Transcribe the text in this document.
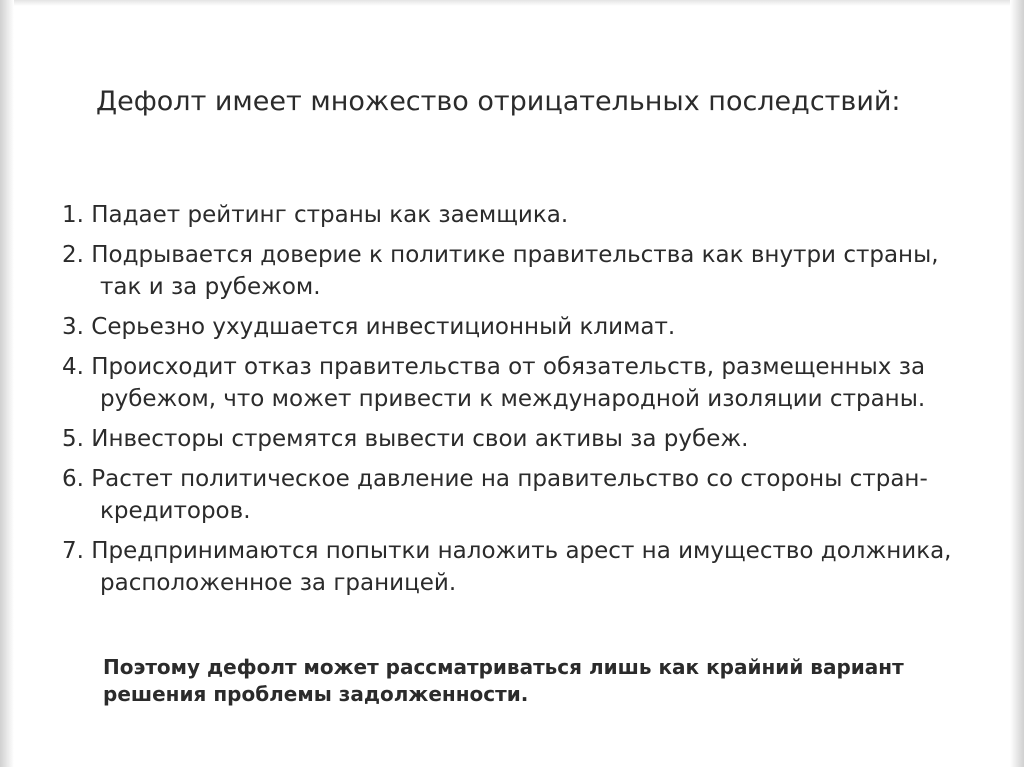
Дефолт имеет множество отрицательных последствий:
1. Падает рейтинг страны как заемщика.
2. Подрывается доверие к политике правительства как внутри страны, так и за рубежом.
3. Серьезно ухудшается инвестиционный климат.
4. Происходит отказ правительства от обязательств, размещенных за рубежом, что может привести к международной изоляции страны.
5. Инвесторы стремятся вывести свои активы за рубеж.
6. Растет политическое давление на правительство со стороны стран-кредиторов.
7. Предпринимаются попытки наложить арест на имущество должника, расположенное за границей.

Поэтому дефолт может рассматриваться лишь как крайний вариант решения проблемы задолженности.
